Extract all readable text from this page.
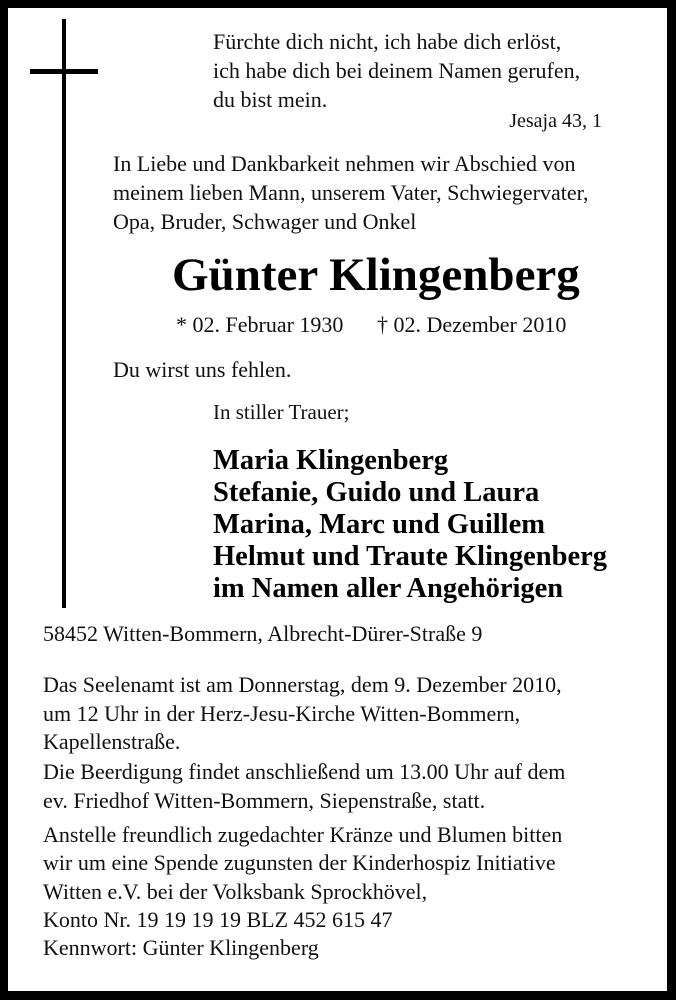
Fürchte dich nicht, ich habe dich erlöst,
ich habe dich bei deinem Namen gerufen,
du bist mein.
Jesaja 43, 1
In Liebe und Dankbarkeit nehmen wir Abschied von
meinem lieben Mann, unserem Vater, Schwiegervater,
Opa, Bruder, Schwager und Onkel
Günter Klingenberg
* 02. Februar 1930 † 02. Dezember 2010
Du wirst uns fehlen.
In stiller Trauer;
Maria Klingenberg
Stefanie, Guido und Laura
Marina, Marc und Guillem
Helmut und Traute Klingenberg
im Namen aller Angehörigen
58452 Witten-Bommern, Albrecht-Dürer-Straße 9
Das Seelenamt ist am Donnerstag, dem 9. Dezember 2010,
um 12 Uhr in der Herz-Jesu-Kirche Witten-Bommern,
Kapellenstraße.
Die Beerdigung findet anschließend um 13.00 Uhr auf dem
ev. Friedhof Witten-Bommern, Siepenstraße, statt.
Anstelle freundlich zugedachter Kränze und Blumen bitten
wir um eine Spende zugunsten der Kinderhospiz Initiative
Witten e.V. bei der Volksbank Sprockhövel,
Konto Nr. 19 19 19 19 BLZ 452 615 47
Kennwort: Günter Klingenberg
